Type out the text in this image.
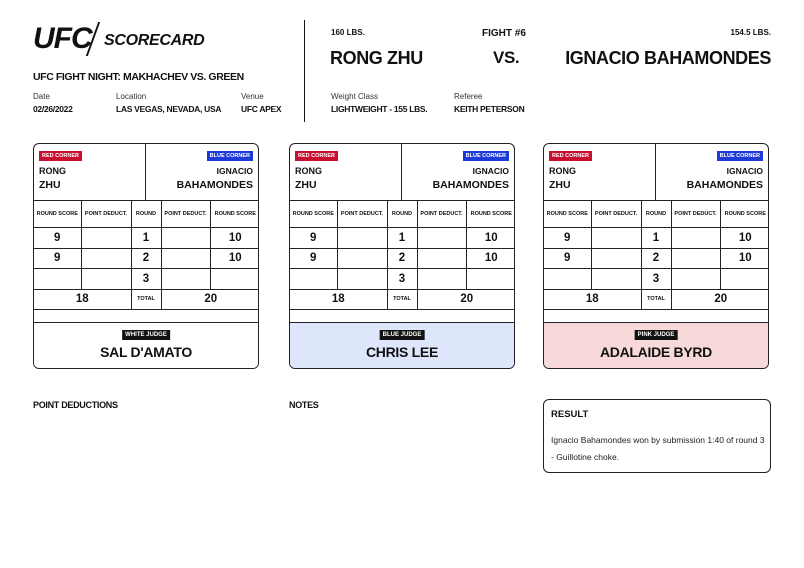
UFC SCORECARD
UFC FIGHT NIGHT: MAKHACHEV VS. GREEN
Date
02/26/2022
Location
LAS VEGAS, NEVADA, USA
Venue
UFC APEX
160 LBS.
RONG ZHU
FIGHT #6
VS.
154.5 LBS.
IGNACIO BAHAMONDES
Weight Class
LIGHTWEIGHT - 155 LBS.
Referee
KEITH PETERSON
RED CORNER
RONG
ZHU
BLUE CORNER
IGNACIO
BAHAMONDES
ROUND SCORE	POINT DEDUCT.	ROUND	POINT DEDUCT.	ROUND SCORE
9		1		10
9		2		10
		3		
18		TOTAL	20	
WHITE JUDGE
SAL D'AMATO
RED CORNER
RONG
ZHU
BLUE CORNER
IGNACIO
BAHAMONDES
ROUND SCORE	POINT DEDUCT.	ROUND	POINT DEDUCT.	ROUND SCORE
9		1		10
9		2		10
		3		
18		TOTAL	20	
BLUE JUDGE
CHRIS LEE
RED CORNER
RONG
ZHU
BLUE CORNER
IGNACIO
BAHAMONDES
ROUND SCORE	POINT DEDUCT.	ROUND	POINT DEDUCT.	ROUND SCORE
9		1		10
9		2		10
		3		
18		TOTAL	20	
PINK JUDGE
ADALAIDE BYRD
POINT DEDUCTIONS	NOTES
RESULT
Ignacio Bahamondes won by submission 1:40 of round 3 - Guillotine choke.
